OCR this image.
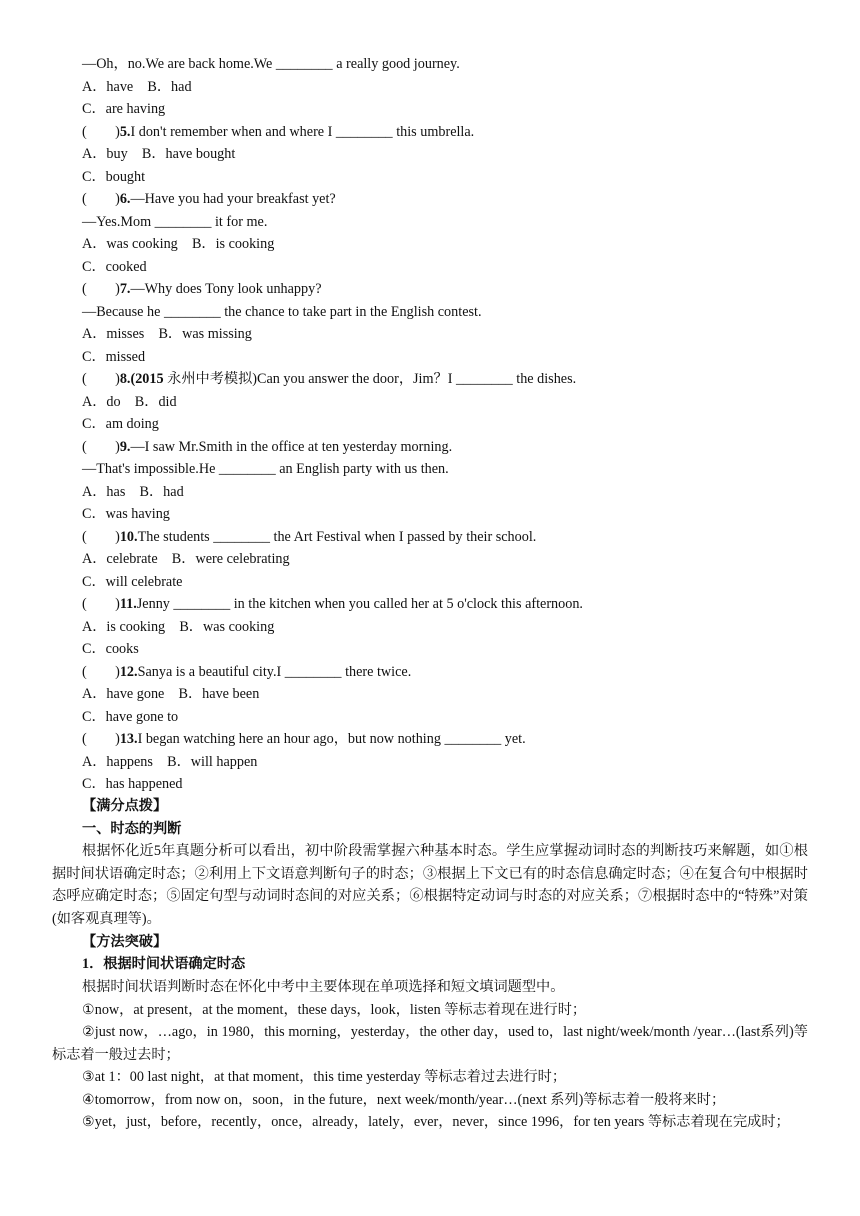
—Oh，no.We are back home.We ________ a really good journey.
A．have　B．had
C．are having
(　　)5.I don't remember when and where I ________ this umbrella.
A．buy　B．have bought
C．bought
(　　)6.—Have you had your breakfast yet?
—Yes.Mom ________ it for me.
A．was cooking　B．is cooking
C．cooked
(　　)7.—Why does Tony look unhappy?
—Because he ________ the chance to take part in the English contest.
A．misses　B．was missing
C．missed
(　　)8.(2015 永州中考模拟)Can you answer the door，Jim？I ________ the dishes.
A．do　B．did
C．am doing
(　　)9.—I saw Mr.Smith in the office at ten yesterday morning.
—That's impossible.He ________ an English party with us then.
A．has　B．had
C．was having
(　　)10.The students ________ the Art Festival when I passed by their school.
A．celebrate　B．were celebrating
C．will celebrate
(　　)11.Jenny ________ in the kitchen when you called her at 5 o'clock this afternoon.
A．is cooking　B．was cooking
C．cooks
(　　)12.Sanya is a beautiful city.I ________ there twice.
A．have gone　B．have been
C．have gone to
(　　)13.I began watching here an hour ago，but now nothing ________ yet.
A．happens　B．will happen
C．has happened
【满分点拨】
一、时态的判断
根据怀化近5年真题分析可以看出，初中阶段需掌握六种基本时态。学生应掌握动词时态的判断技巧来解题，如①根据时间状语确定时态；②利用上下文语意判断句子的时态；③根据上下文已有的时态信息确定时态；④在复合句中根据时态呼应确定时态；⑤固定句型与动词时态间的对应关系；⑥根据特定动词与时态的对应关系；⑦根据时态中的“特殊”对策(如客观真理等)。
【方法突破】
1．根据时间状语确定时态
根据时间状语判断时态在怀化中考中主要体现在单项选择和短文填词题型中。
①now，at present，at the moment，these days，look，listen 等标志着现在进行时；
②just now，…ago，in 1980，this morning，yesterday，the other day，used to，last night/week/month /year…(last系列)等标志着一般过去时；
③at 1：00 last night，at that moment，this time yesterday 等标志着过去进行时；
④tomorrow，from now on，soon，in the future，next week/month/year…(next 系列)等标志着一般将来时；
⑤yet，just，before，recently，once，already，lately，ever，never，since 1996，for ten years 等标志着现在完成时；
